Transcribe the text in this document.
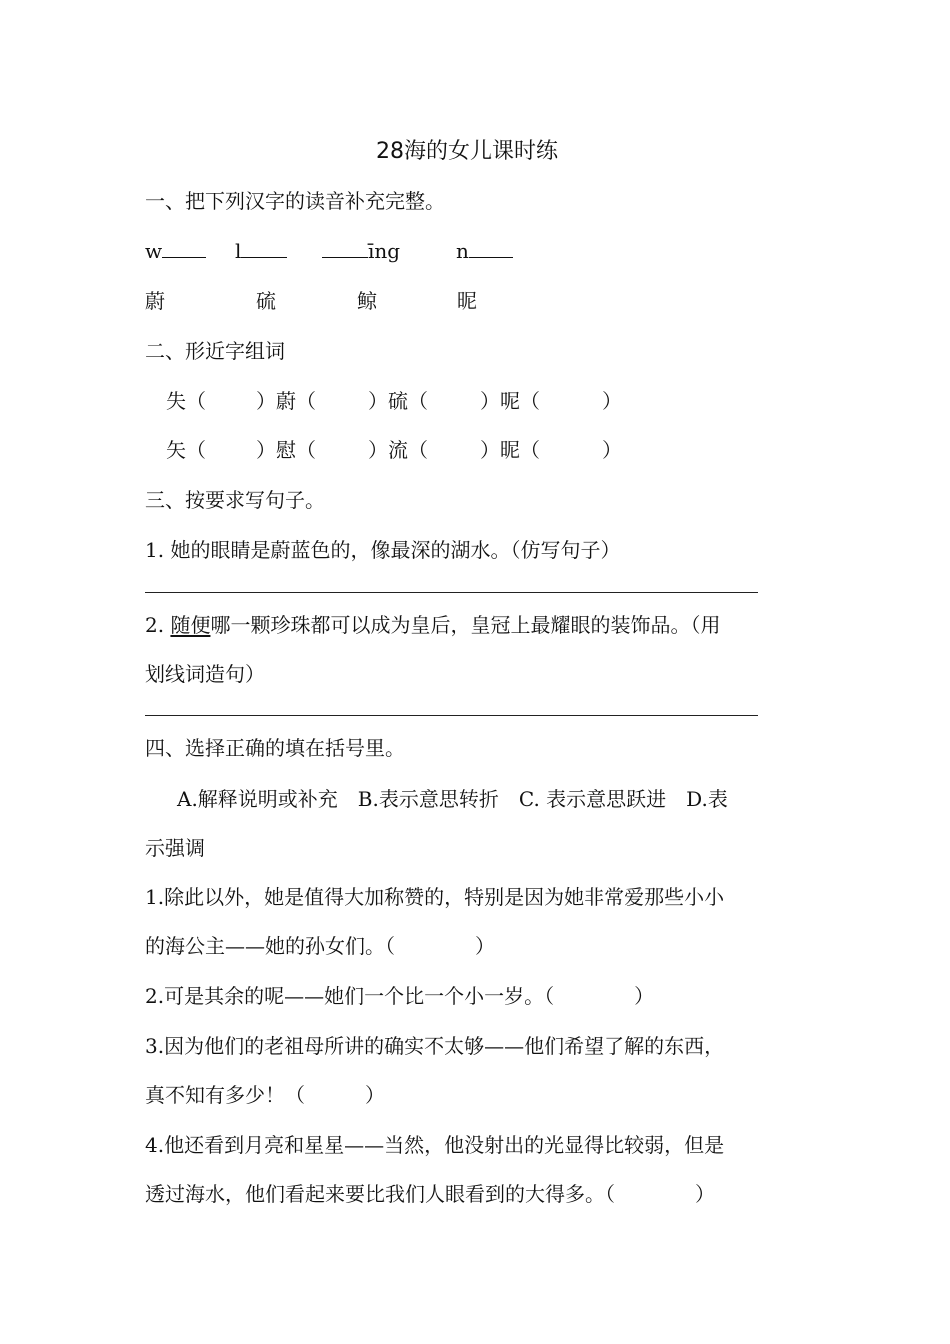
28海的女儿课时练
一、把下列汉字的读音补充完整。
w	l	īng	n
蔚	硫	鲸	昵
二、形近字组词
失（	）蔚（	）硫（	）呢（	）
矢（	）慰（	）流（	）昵（	）
三、按要求写句子。
1. 她的眼睛是蔚蓝色的，像最深的湖水。（仿写句子）
2. 随便哪一颗珍珠都可以成为皇后，皇冠上最耀眼的装饰品。（用
划线词造句）
四、选择正确的填在括号里。
A.解释说明或补充　B.表示意思转折　C. 表示意思跃进　D.表
示强调
1.除此以外，她是值得大加称赞的，特别是因为她非常爱那些小小
的海公主——她的孙女们。（　　　　）
2.可是其余的呢——她们一个比一个小一岁。（　　　　）
3.因为他们的老祖母所讲的确实不太够——他们希望了解的东西，
真不知有多少！（　　　）
4.他还看到月亮和星星——当然，他没射出的光显得比较弱，但是
透过海水，他们看起来要比我们人眼看到的大得多。（　　　　）
